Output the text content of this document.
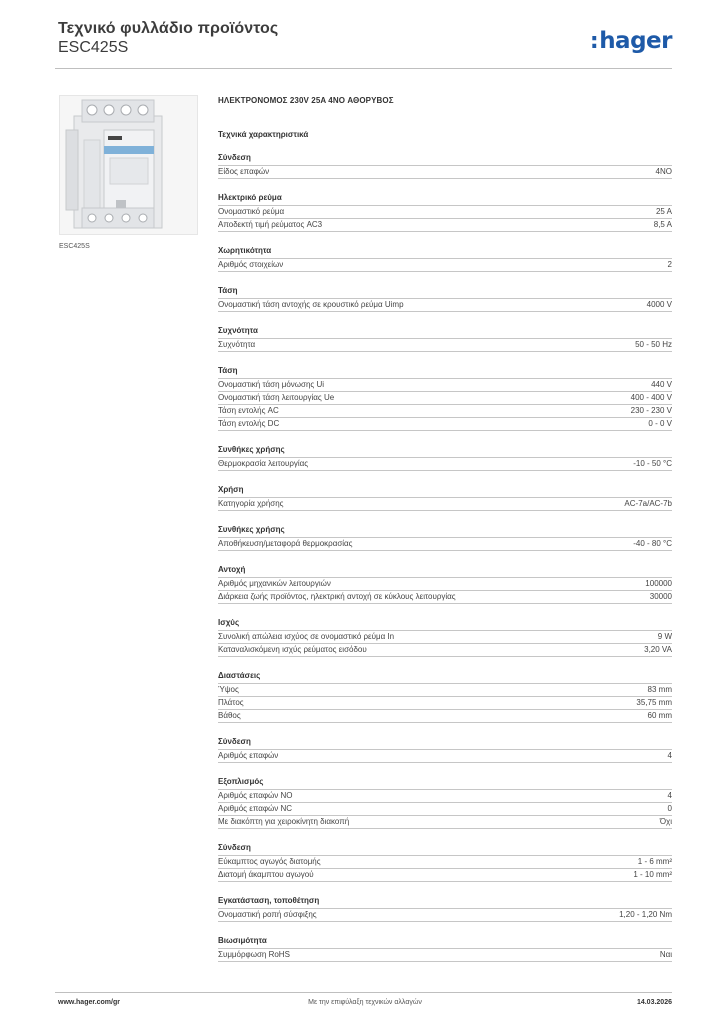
Τεχνικό φυλλάδιο προϊόντος
ESC425S	:hager
ESC425S
ΗΛΕΚΤΡΟΝΟΜΟΣ 230V 25A 4NO ΑΘΟΡΥΒΟΣ
Τεχνικά χαρακτηριστικά
Σύνδεση
Είδος επαφών	4NO
Ηλεκτρικό ρεύμα
Ονομαστικό ρεύμα	25 A
Αποδεκτή τιμή ρεύματος AC3	8,5 A
Χωρητικότητα
Αριθμός στοιχείων	2
Τάση
Ονομαστική τάση αντοχής σε κρουστικό ρεύμα Uimp	4000 V
Συχνότητα
Συχνότητα	50 - 50 Hz
Τάση
Ονομαστική τάση μόνωσης Ui	440 V
Ονομαστική τάση λειτουργίας Ue	400 - 400 V
Τάση εντολής AC	230 - 230 V
Τάση εντολής DC	0 - 0 V
Συνθήκες χρήσης
Θερμοκρασία λειτουργίας	-10 - 50 °C
Χρήση
Κατηγορία χρήσης	AC-7a/AC-7b
Συνθήκες χρήσης
Αποθήκευση/μεταφορά θερμοκρασίας	-40 - 80 °C
Αντοχή
Αριθμός μηχανικών λειτουργιών	100000
Διάρκεια ζωής προϊόντος, ηλεκτρική αντοχή σε κύκλους λειτουργίας	30000
Ισχύς
Συνολική απώλεια ισχύος σε ονομαστικό ρεύμα In	9 W
Καταναλισκόμενη ισχύς ρεύματος εισόδου	3,20 VA
Διαστάσεις
Ύψος	83 mm
Πλάτος	35,75 mm
Βάθος	60 mm
Σύνδεση
Αριθμός επαφών	4
Εξοπλισμός
Αριθμός επαφών NO	4
Αριθμός επαφών NC	0
Με διακόπτη για χειροκίνητη διακοπή	Όχι
Σύνδεση
Εύκαμπτος αγωγός διατομής	1 - 6 mm²
Διατομή άκαμπτου αγωγού	1 - 10 mm²
Εγκατάσταση, τοποθέτηση
Ονομαστική ροπή σύσφιξης	1,20 - 1,20 Nm
Βιωσιμότητα
Συμμόρφωση RoHS	Ναι
www.hager.com/gr	Με την επιφύλαξη τεχνικών αλλαγών	14.03.2026
